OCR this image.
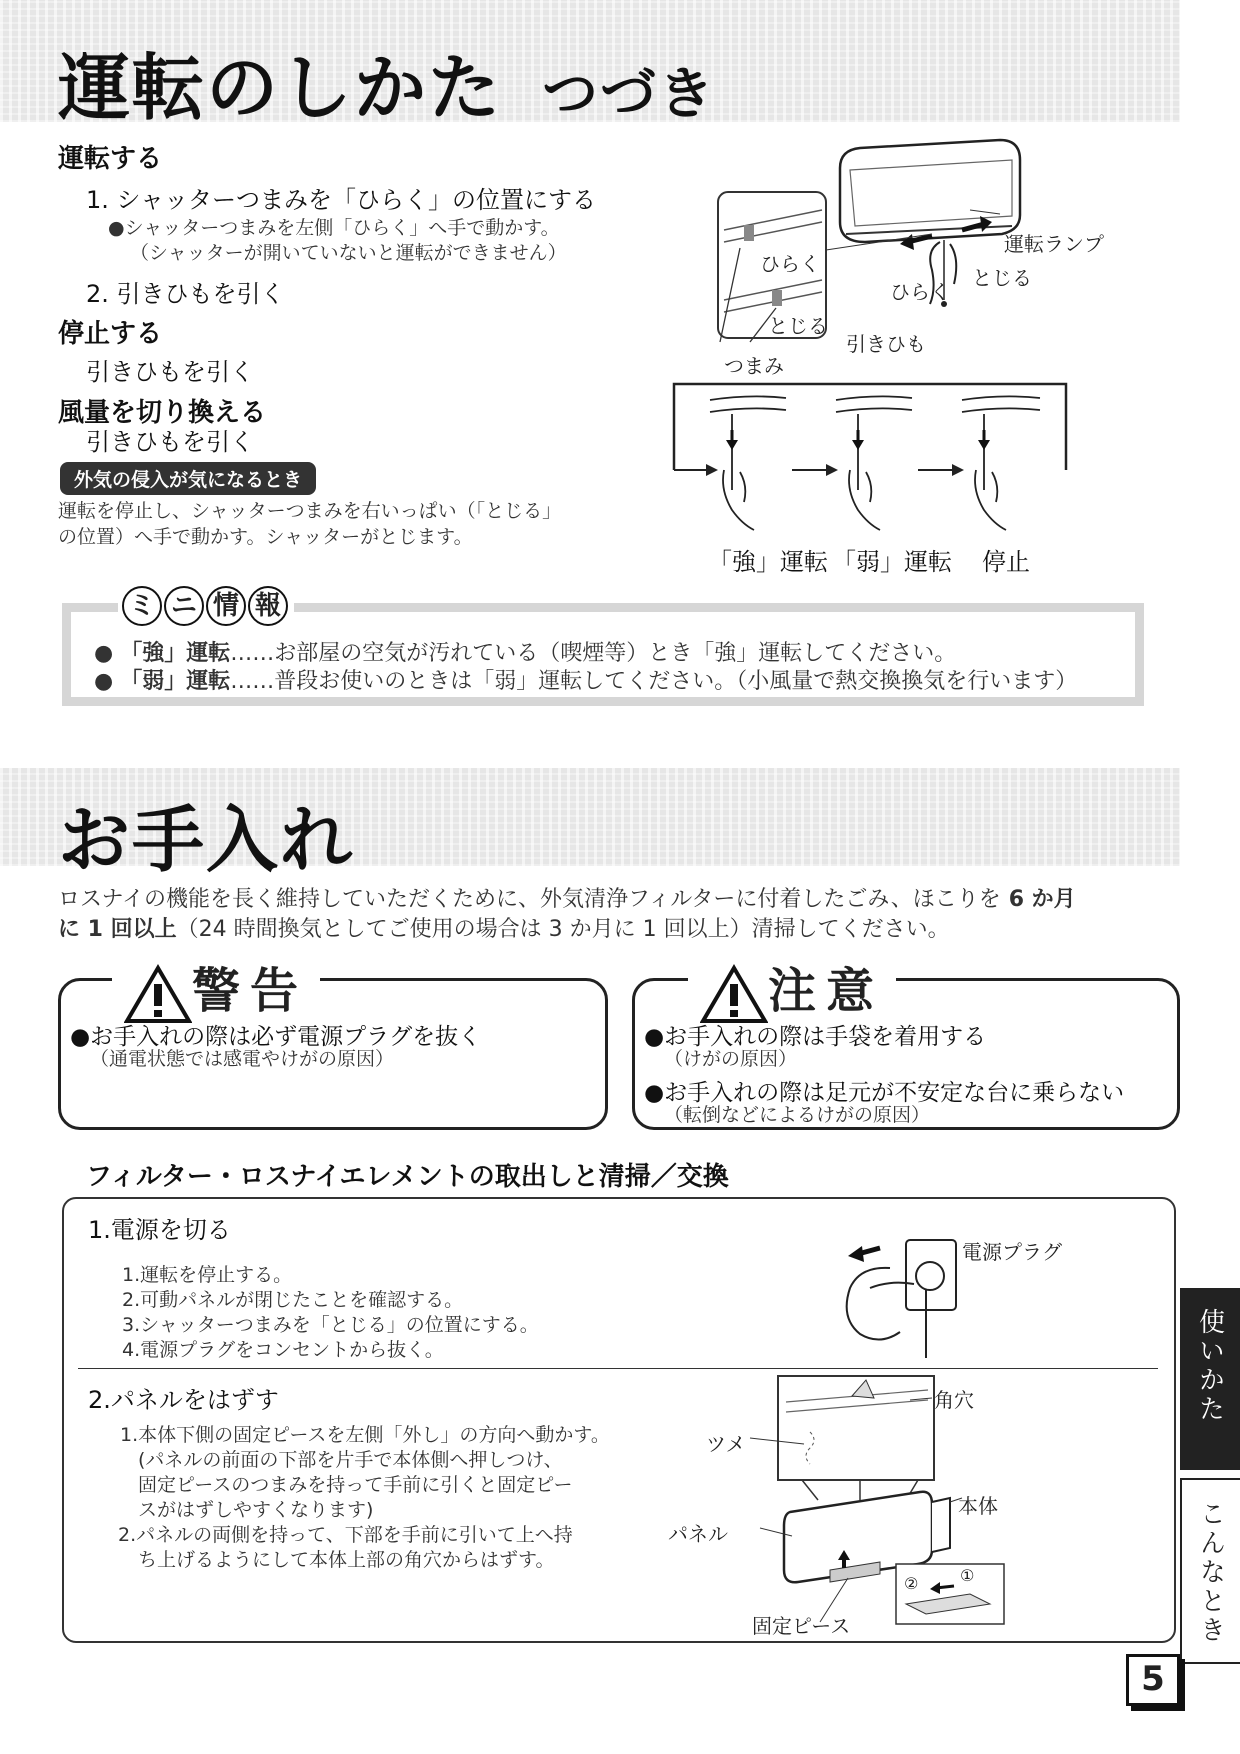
運転のしかた つづき
運転する
1. シャッターつまみを「ひらく」の位置にする
●シャッターつまみを左側「ひらく」へ手で動かす。
（シャッターが開いていないと運転ができません）
2. 引きひもを引く
停止する
引きひもを引く
風量を切り換える
引きひもを引く
外気の侵入が気になるとき
運転を停止し、シャッターつまみを右いっぱい（「とじる」
の位置）へ手で動かす。シャッターがとじます。
ひらく
とじる
つまみ
運転ランプ
ひらく
とじる
引きひも
「強」運転 「弱」運転 停止
ミ ニ 情 報
● 「強」運転……お部屋の空気が汚れている（喫煙等）とき「強」運転してください。
● 「弱」運転……普段お使いのときは「弱」運転してください。（小風量で熱交換換気を行います）
お手入れ
ロスナイの機能を長く維持していただくために、外気清浄フィルターに付着したごみ、ほこりを 6 か月
に 1 回以上（24 時間換気としてご使用の場合は 3 か月に 1 回以上）清掃してください。
警告
●お手入れの際は必ず電源プラグを抜く
（通電状態では感電やけがの原因）
注意
●お手入れの際は手袋を着用する
（けがの原因）
●お手入れの際は足元が不安定な台に乗らない
（転倒などによるけがの原因）
フィルター・ロスナイエレメントの取出しと清掃／交換
1.電源を切る
1.運転を停止する。
2.可動パネルが閉じたことを確認する。
3.シャッターつまみを「とじる」の位置にする。
4.電源プラグをコンセントから抜く。
電源プラグ
2.パネルをはずす
1.本体下側の固定ピースを左側「外し」の方向へ動かす。
(パネルの前面の下部を片手で本体側へ押しつけ、
固定ピースのつまみを持って手前に引くと固定ピー
スがはずしやすくなります)
2.パネルの両側を持って、下部を手前に引いて上へ持
ち上げるようにして本体上部の角穴からはずす。
角穴
ツメ
本体
パネル
固定ピース
①
②
使いかた
こんなとき
5
